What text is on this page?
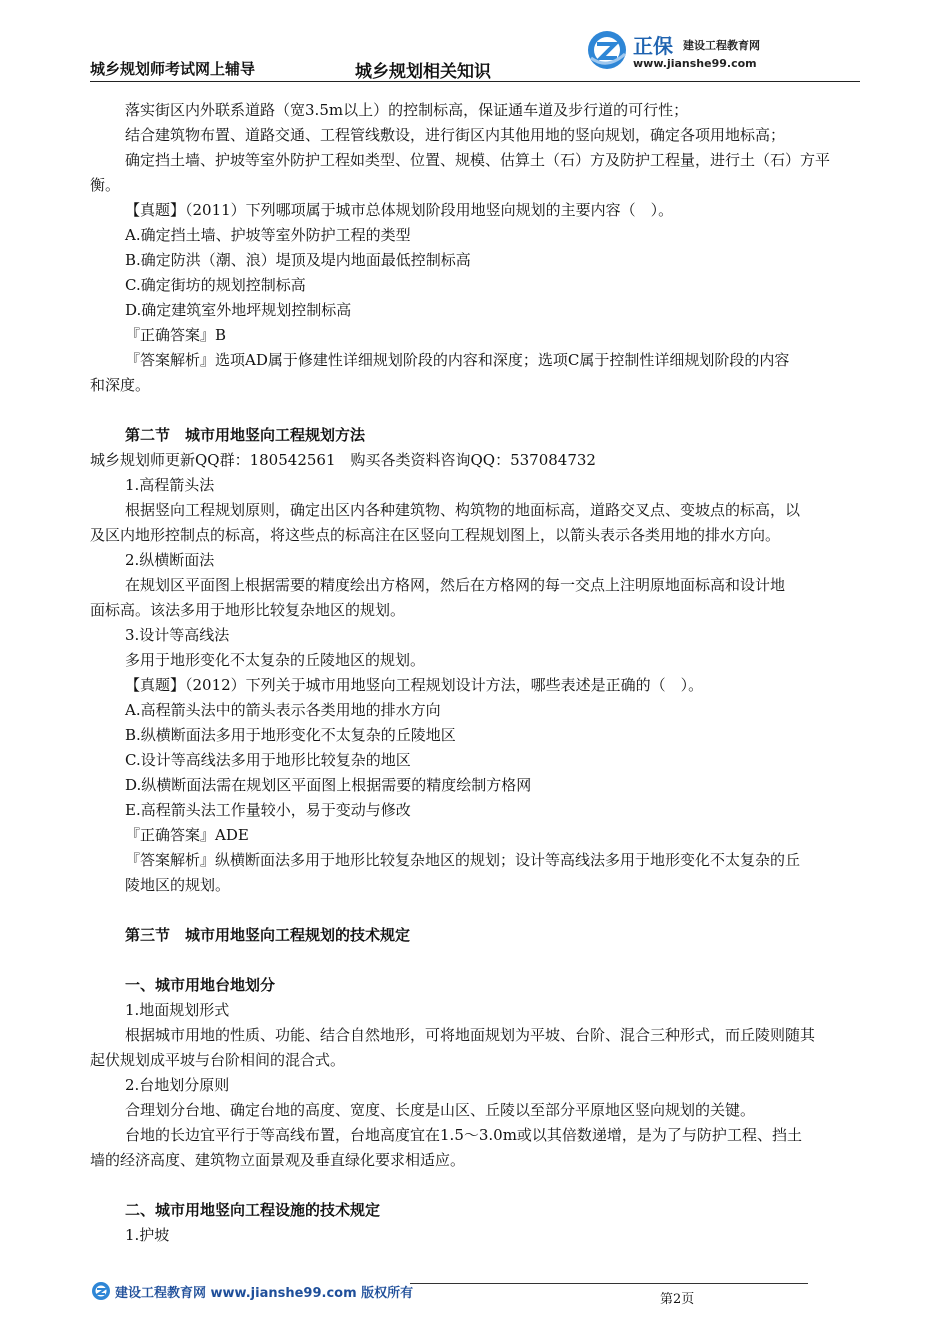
城乡规划师考试网上辅导	城乡规划相关知识
正保 建设工程教育网
www.jianshe99.com
落实街区内外联系道路（宽3.5m以上）的控制标高，保证通车道及步行道的可行性；
结合建筑物布置、道路交通、工程管线敷设，进行街区内其他用地的竖向规划，确定各项用地标高；
确定挡土墙、护坡等室外防护工程如类型、位置、规模、估算土（石）方及防护工程量，进行土（石）方平
衡。
【真题】（2011）下列哪项属于城市总体规划阶段用地竖向规划的主要内容（　）。
A.确定挡土墙、护坡等室外防护工程的类型
B.确定防洪（潮、浪）堤顶及堤内地面最低控制标高
C.确定街坊的规划控制标高
D.确定建筑室外地坪规划控制标高
『正确答案』B
『答案解析』选项AD属于修建性详细规划阶段的内容和深度；选项C属于控制性详细规划阶段的内容
和深度。
第二节　城市用地竖向工程规划方法
城乡规划师更新QQ群：180542561　购买各类资料咨询QQ：537084732
1.高程箭头法
根据竖向工程规划原则，确定出区内各种建筑物、构筑物的地面标高，道路交叉点、变坡点的标高，以
及区内地形控制点的标高，将这些点的标高注在区竖向工程规划图上，以箭头表示各类用地的排水方向。
2.纵横断面法
在规划区平面图上根据需要的精度绘出方格网，然后在方格网的每一交点上注明原地面标高和设计地
面标高。该法多用于地形比较复杂地区的规划。
3.设计等高线法
多用于地形变化不太复杂的丘陵地区的规划。
【真题】（2012）下列关于城市用地竖向工程规划设计方法，哪些表述是正确的（　）。
A.高程箭头法中的箭头表示各类用地的排水方向
B.纵横断面法多用于地形变化不太复杂的丘陵地区
C.设计等高线法多用于地形比较复杂的地区
D.纵横断面法需在规划区平面图上根据需要的精度绘制方格网
E.高程箭头法工作量较小，易于变动与修改
『正确答案』ADE
『答案解析』纵横断面法多用于地形比较复杂地区的规划；设计等高线法多用于地形变化不太复杂的丘
陵地区的规划。
第三节　城市用地竖向工程规划的技术规定
一、城市用地台地划分
1.地面规划形式
根据城市用地的性质、功能、结合自然地形，可将地面规划为平坡、台阶、混合三种形式，而丘陵则随其
起伏规划成平坡与台阶相间的混合式。
2.台地划分原则
合理划分台地、确定台地的高度、宽度、长度是山区、丘陵以至部分平原地区竖向规划的关键。
台地的长边宜平行于等高线布置，台地高度宜在1.5～3.0m或以其倍数递增，是为了与防护工程、挡土
墙的经济高度、建筑物立面景观及垂直绿化要求相适应。
二、城市用地竖向工程设施的技术规定
1.护坡
建设工程教育网 www.jianshe99.com 版权所有	第2页
